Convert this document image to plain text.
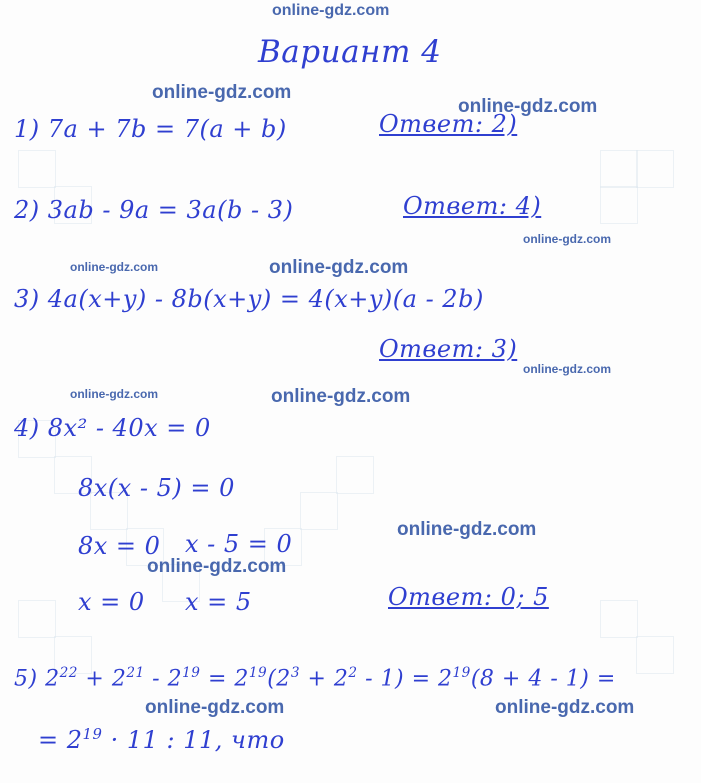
Вариант 4
1) 7a + 7b = 7(a + b)	Ответ: 2)
2) 3ab - 9a = 3a(b - 3)	Ответ: 4)
3) 4a(x+y) - 8b(x+y) = 4(x+y)(a - 2b)
Ответ: 3)
4) 8x² - 40x = 0
8x(x - 5) = 0
8x = 0 x - 5 = 0
x = 0 x = 5	Ответ: 0; 5
5) $2^{22} + 2^{21} - 2^{19} = 2^{19}(2^3 + 2^2 - 1) = 2^{19}(8 + 4 - 1)$ =
= $2^{19} \cdot 11$ : 11, что
online-gdz.com
online-gdz.com
online-gdz.com
online-gdz.com
online-gdz.com	online-gdz.com
online-gdz.com
online-gdz.com	online-gdz.com
online-gdz.com
online-gdz.com
online-gdz.com	online-gdz.com
